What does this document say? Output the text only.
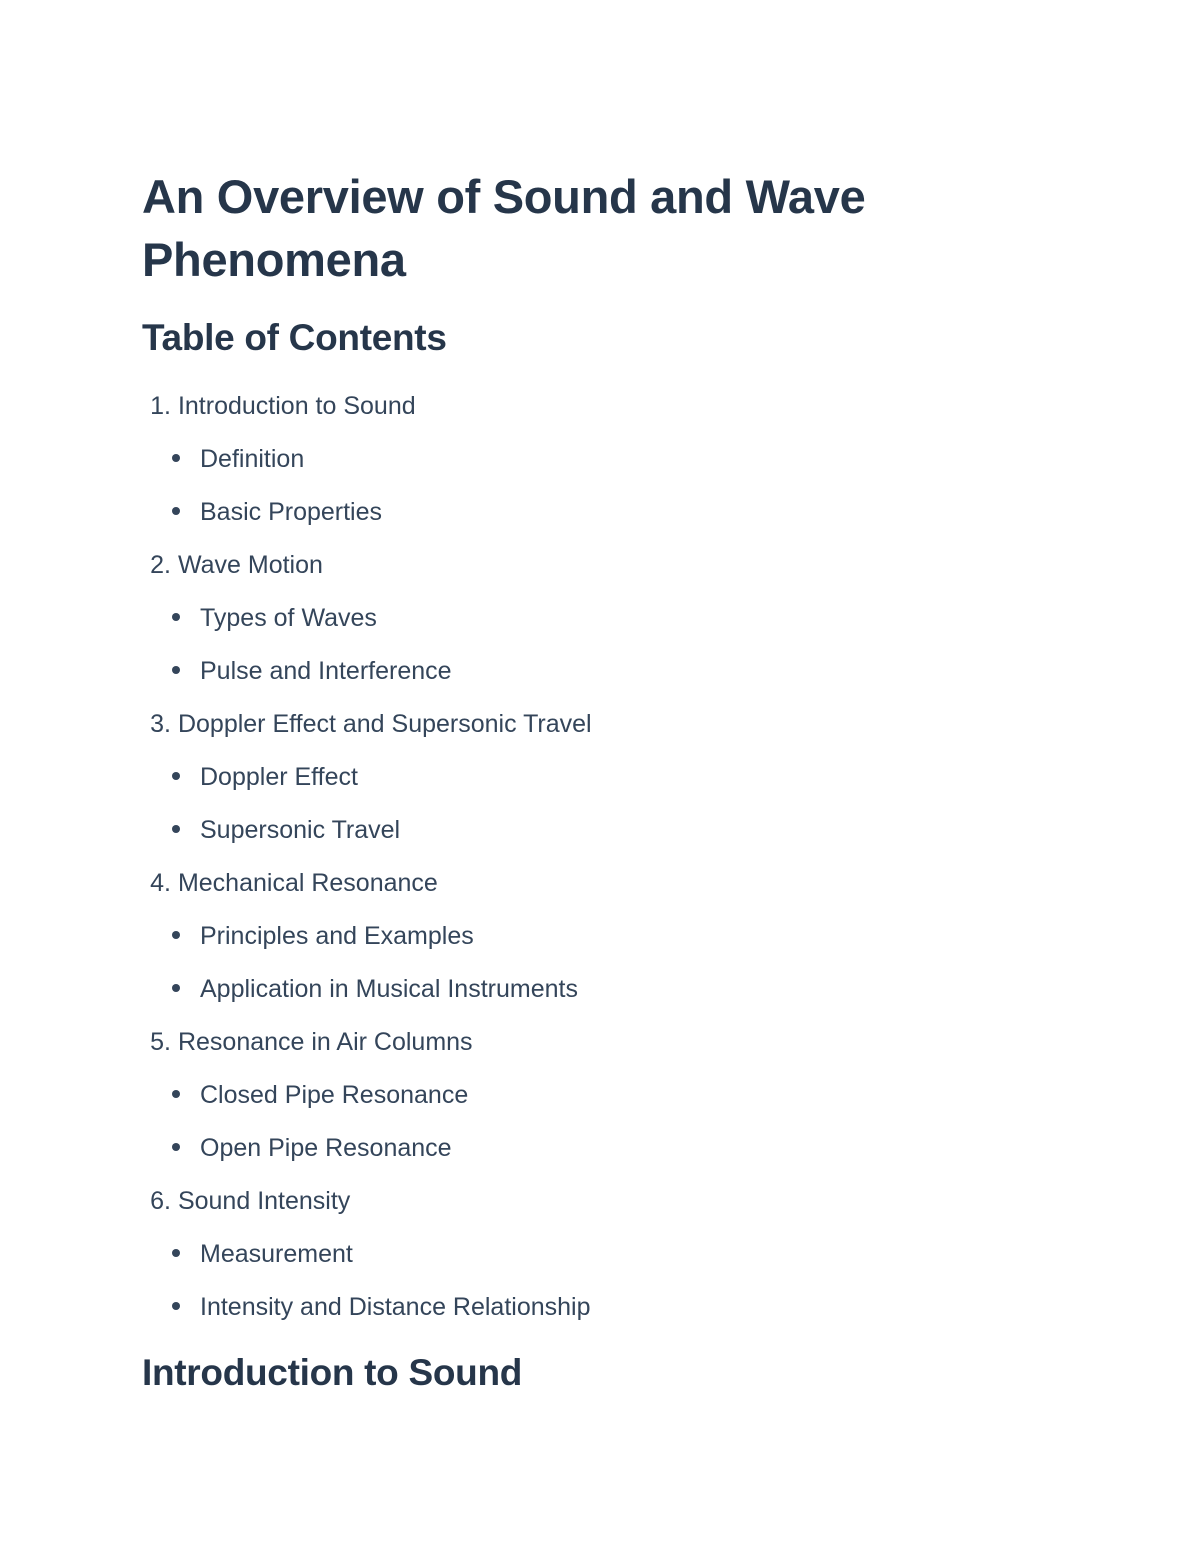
An Overview of Sound and Wave Phenomena
Table of Contents
1. Introduction to Sound
Definition
Basic Properties
2. Wave Motion
Types of Waves
Pulse and Interference
3. Doppler Effect and Supersonic Travel
Doppler Effect
Supersonic Travel
4. Mechanical Resonance
Principles and Examples
Application in Musical Instruments
5. Resonance in Air Columns
Closed Pipe Resonance
Open Pipe Resonance
6. Sound Intensity
Measurement
Intensity and Distance Relationship
Introduction to Sound
